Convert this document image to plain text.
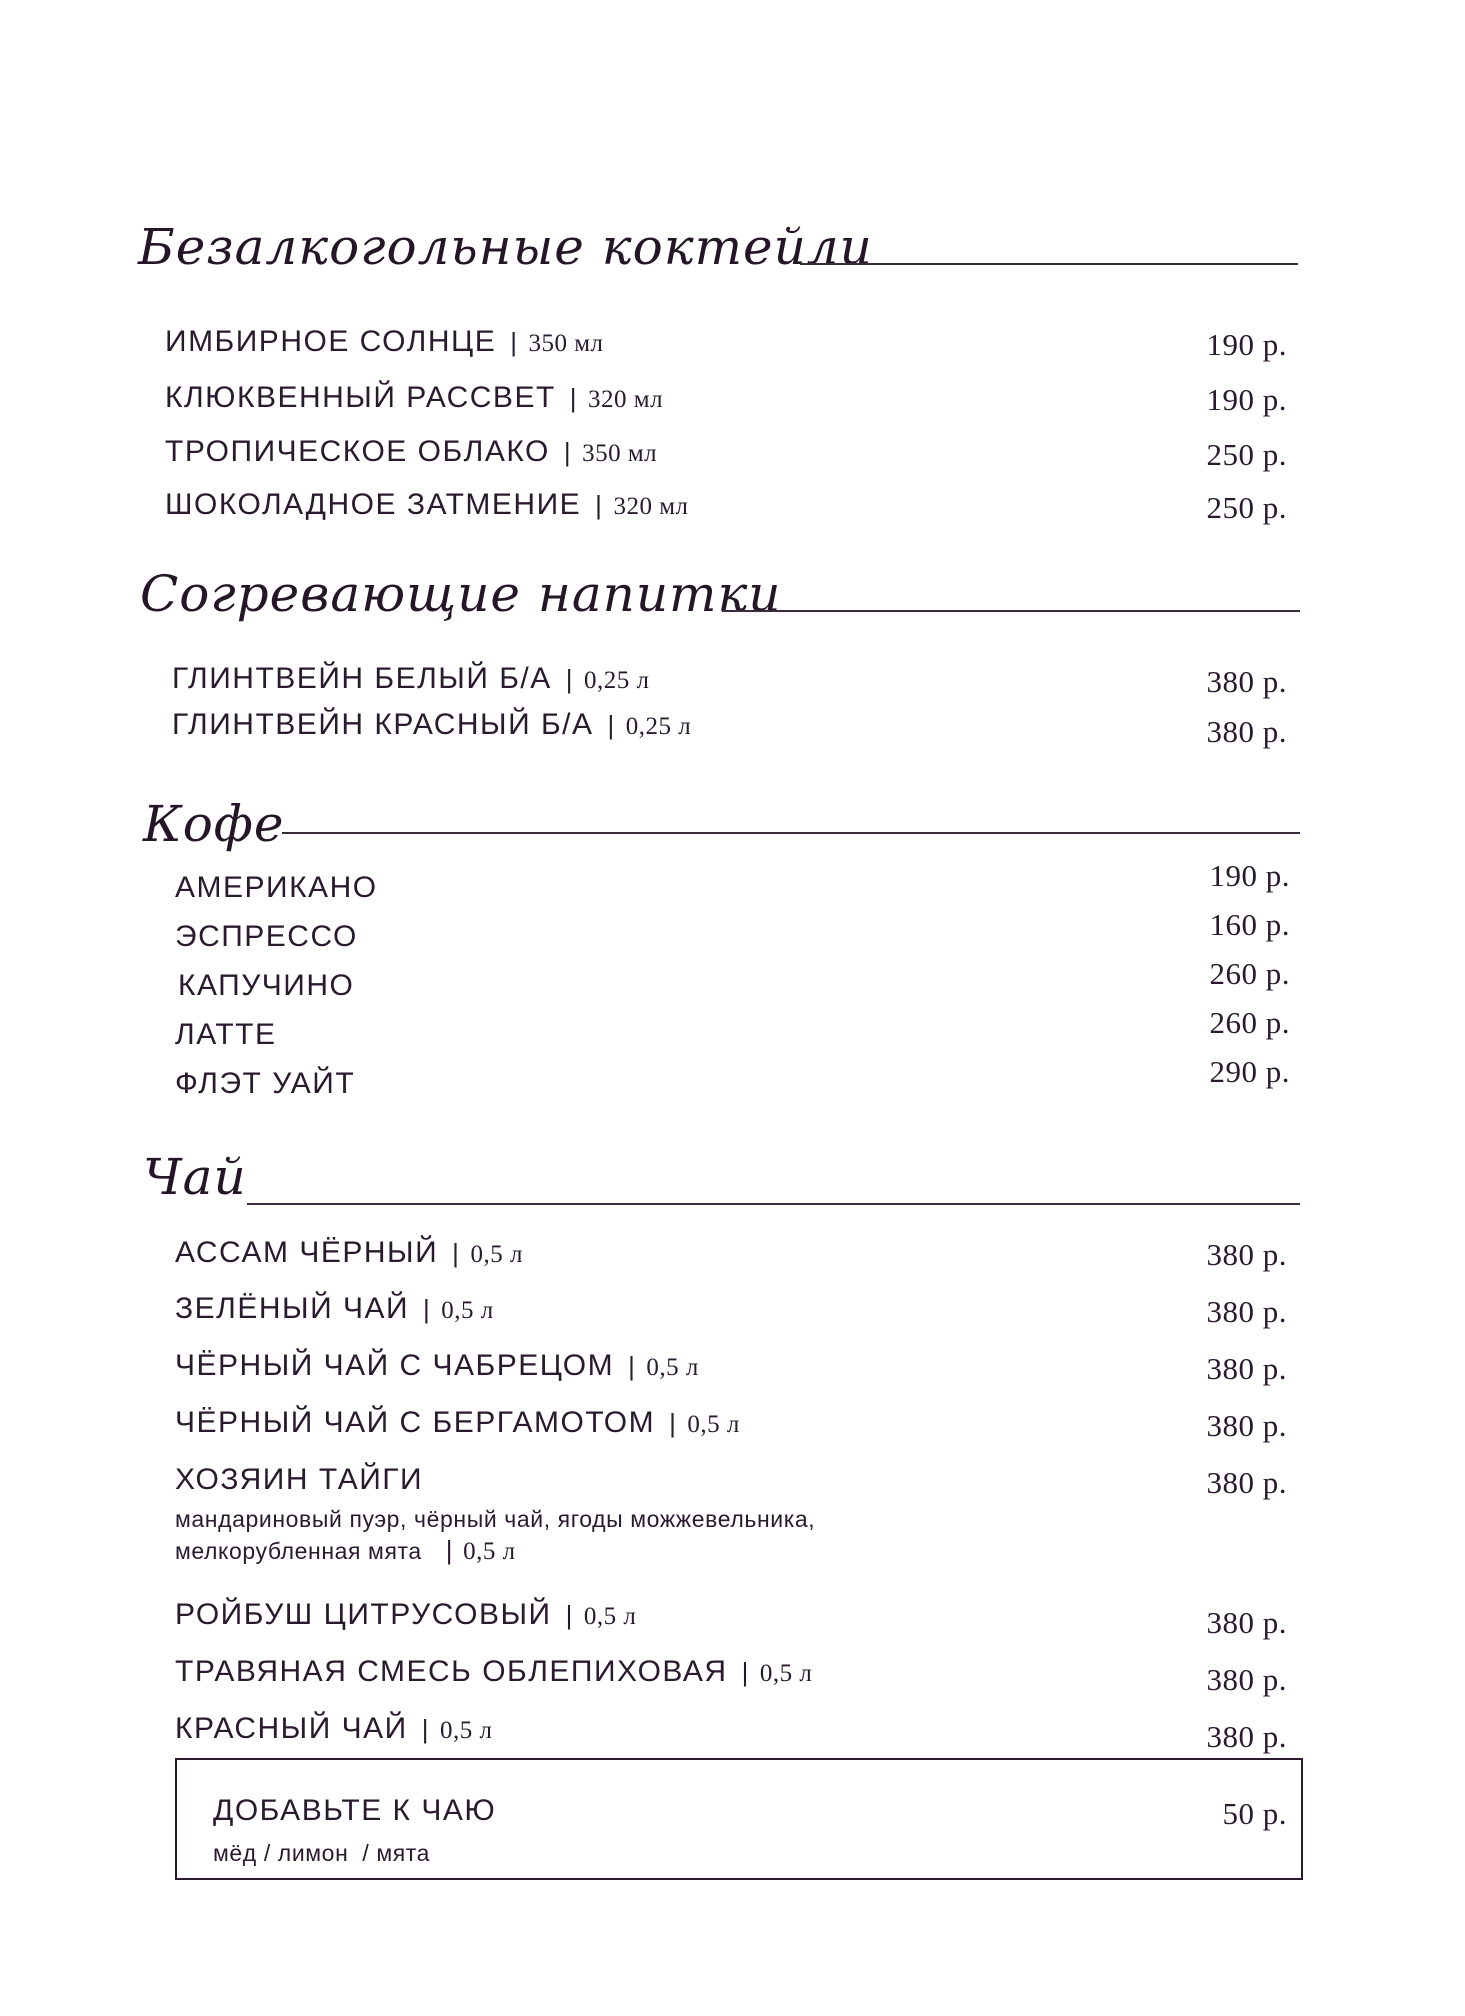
Безалкогольные коктейли
ИМБИРНОЕ СОЛНЦЕ | 350 мл	190 р.
КЛЮКВЕННЫЙ РАССВЕТ | 320 мл	190 р.
ТРОПИЧЕСКОЕ ОБЛАКО | 350 мл	250 р.
ШОКОЛАДНОЕ ЗАТМЕНИЕ | 320 мл	250 р.
Согревающие напитки
ГЛИНТВЕЙН БЕЛЫЙ Б/А | 0,25 л	380 р.
ГЛИНТВЕЙН КРАСНЫЙ Б/А | 0,25 л	380 р.
Кофе
АМЕРИКАНО	190 р.
ЭСПРЕССО	160 р.
КАПУЧИНО	260 р.
ЛАТТЕ	260 р.
ФЛЭТ УАЙТ	290 р.
Чай
АССАМ ЧЁРНЫЙ | 0,5 л	380 р.
ЗЕЛЁНЫЙ ЧАЙ | 0,5 л	380 р.
ЧЁРНЫЙ ЧАЙ С ЧАБРЕЦОМ | 0,5 л	380 р.
ЧЁРНЫЙ ЧАЙ С БЕРГАМОТОМ | 0,5 л	380 р.
ХОЗЯИН ТАЙГИ	380 р.
мандариновый пуэр, чёрный чай, ягоды можжевельника,
мелкорубленная мята | 0,5 л
РОЙБУШ ЦИТРУСОВЫЙ | 0,5 л	380 р.
ТРАВЯНАЯ СМЕСЬ ОБЛЕПИХОВАЯ | 0,5 л	380 р.
КРАСНЫЙ ЧАЙ | 0,5 л	380 р.
ДОБАВЬТЕ К ЧАЮ	50 р.
мёд / лимон  / мята
